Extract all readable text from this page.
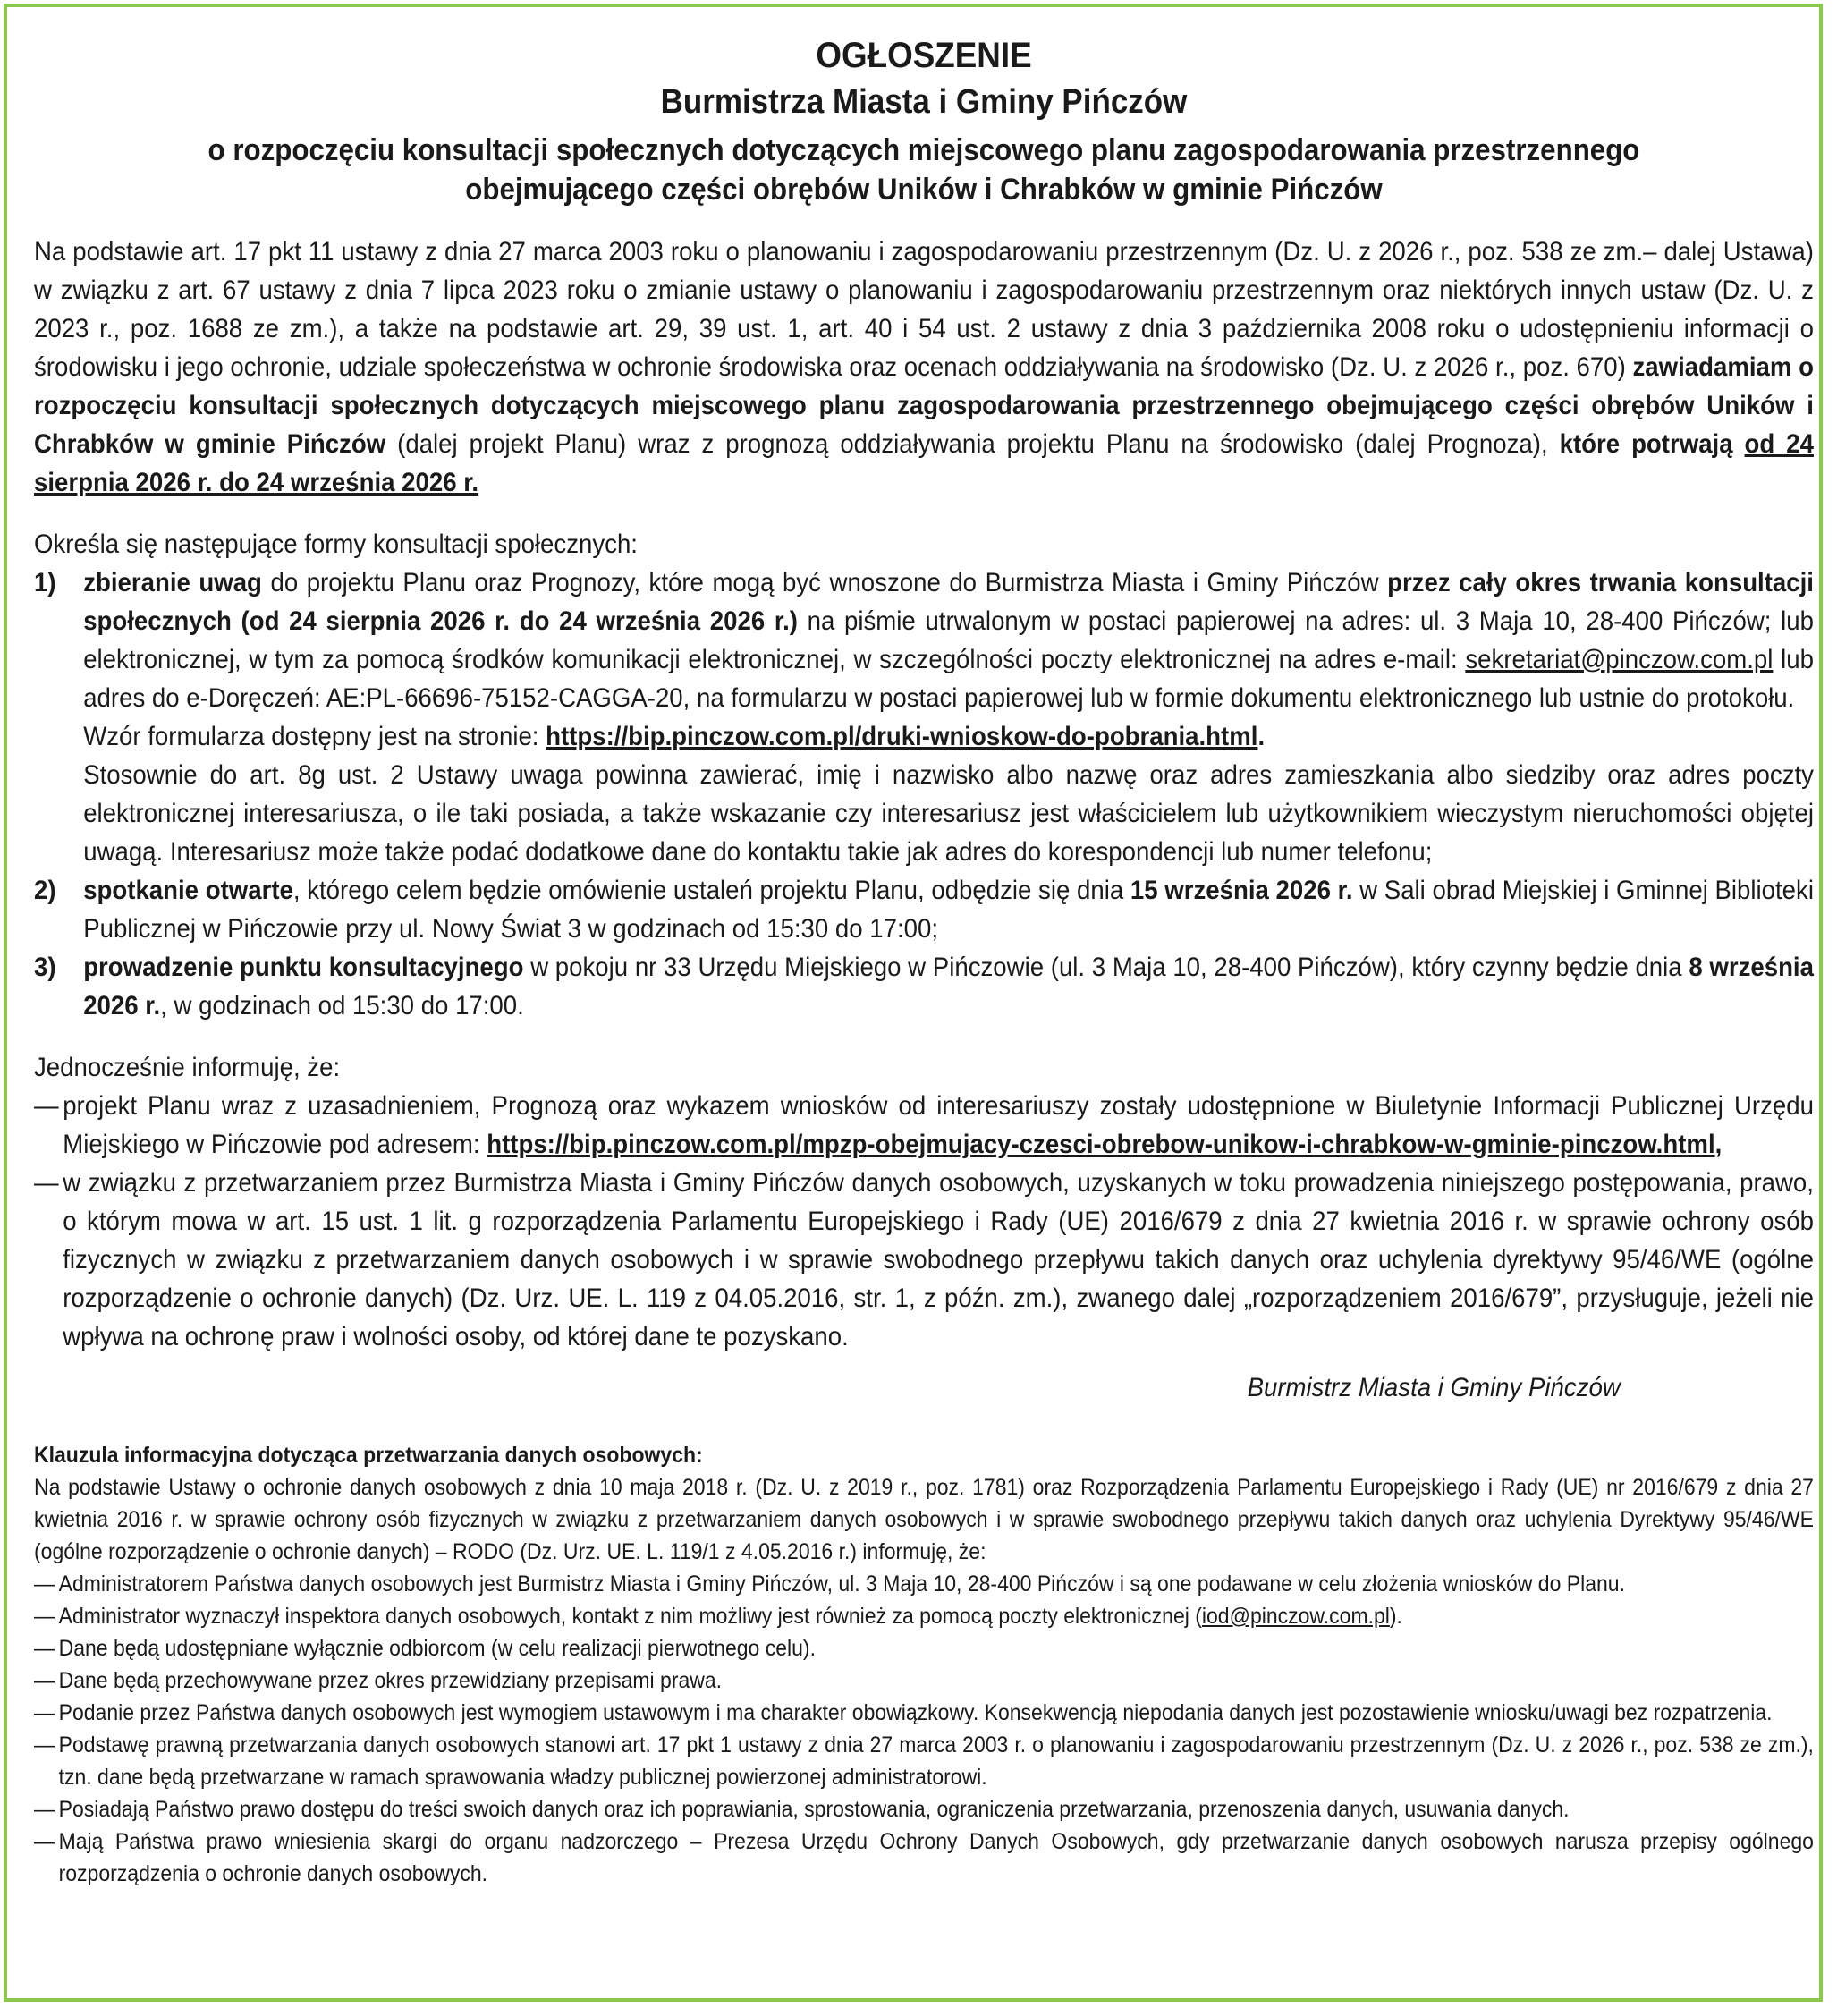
OGŁOSZENIE
Burmistrza Miasta i Gminy Pińczów
o rozpoczęciu konsultacji społecznych dotyczących miejscowego planu zagospodarowania przestrzennego
obejmującego części obrębów Uników i Chrabków w gminie Pińczów

Na podstawie art. 17 pkt 11 ustawy z dnia 27 marca 2003 roku o planowaniu i zagospodarowaniu przestrzennym (Dz. U. z 2026 r., poz. 538 ze zm.– dalej Ustawa) w związku z art. 67 ustawy z dnia 7 lipca 2023 roku o zmianie ustawy o planowaniu i zagospodarowaniu przestrzennym oraz niektórych innych ustaw (Dz. U. z 2023 r., poz. 1688 ze zm.), a także na podstawie art. 29, 39 ust. 1, art. 40 i 54 ust. 2 ustawy z dnia 3 października 2008 roku o udostępnieniu informacji o środowisku i jego ochronie, udziale społeczeństwa w ochronie środowiska oraz ocenach oddziaływania na środowisko (Dz. U. z 2026 r., poz. 670) zawiadamiam o rozpoczęciu konsultacji społecznych dotyczących miejscowego planu zagospodarowania przestrzennego obejmującego części obrębów Uników i Chrabków w gminie Pińczów (dalej projekt Planu) wraz z prognozą oddziaływania projektu Planu na środowisko (dalej Prognoza), które potrwają od 24 sierpnia 2026 r. do 24 września 2026 r.

Określa się następujące formy konsultacji społecznych:

1)	zbieranie uwag do projektu Planu oraz Prognozy, które mogą być wnoszone do Burmistrza Miasta i Gminy Pińczów przez cały okres trwania konsultacji społecznych (od 24 sierpnia 2026 r. do 24 września 2026 r.) na piśmie utrwalonym w postaci papierowej na adres: ul. 3 Maja 10, 28-400 Pińczów; lub elektronicznej, w tym za pomocą środków komunikacji elektronicznej, w szczególności poczty elektronicznej na adres e-mail: sekretariat@pinczow.com.pl lub adres do e-Doręczeń: AE:PL-66696-75152-CAGGA-20, na formularzu w postaci papierowej lub w formie dokumentu elektronicznego lub ustnie do protokołu.
Wzór formularza dostępny jest na stronie: https://bip.pinczow.com.pl/druki-wnioskow-do-pobrania.html.
Stosownie do art. 8g ust. 2 Ustawy uwaga powinna zawierać, imię i nazwisko albo nazwę oraz adres zamieszkania albo siedziby oraz adres poczty elektronicznej interesariusza, o ile taki posiada, a także wskazanie czy interesariusz jest właścicielem lub użytkownikiem wieczystym nieruchomości objętej uwagą. Interesariusz może także podać dodatkowe dane do kontaktu takie jak adres do korespondencji lub numer telefonu;
2)	spotkanie otwarte, którego celem będzie omówienie ustaleń projektu Planu, odbędzie się dnia 15 września 2026 r. w Sali obrad Miejskiej i Gminnej Biblioteki Publicznej w Pińczowie przy ul. Nowy Świat 3 w godzinach od 15:30 do 17:00;
3)	prowadzenie punktu konsultacyjnego w pokoju nr 33 Urzędu Miejskiego w Pińczowie (ul. 3 Maja 10, 28-400 Pińczów), który czynny będzie dnia 8 września 2026 r., w godzinach od 15:30 do 17:00.

Jednocześnie informuję, że:

— projekt Planu wraz z uzasadnieniem, Prognozą oraz wykazem wniosków od interesariuszy zostały udostępnione w Biuletynie Informacji Publicznej Urzędu Miejskiego w Pińczowie pod adresem: https://bip.pinczow.com.pl/mpzp-obejmujacy-czesci-obrebow-unikow-i-chrabkow-w-gminie-pinczow.html,
— w związku z przetwarzaniem przez Burmistrza Miasta i Gminy Pińczów danych osobowych, uzyskanych w toku prowadzenia niniejszego postępowania, prawo, o którym mowa w art. 15 ust. 1 lit. g rozporządzenia Parlamentu Europejskiego i Rady (UE) 2016/679 z dnia 27 kwietnia 2016 r. w sprawie ochrony osób fizycznych w związku z przetwarzaniem danych osobowych i w sprawie swobodnego przepływu takich danych oraz uchylenia dyrektywy 95/46/WE (ogólne rozporządzenie o ochronie danych) (Dz. Urz. UE. L. 119 z 04.05.2016, str. 1, z późn. zm.), zwanego dalej „rozporządzeniem 2016/679”, przysługuje, jeżeli nie wpływa na ochronę praw i wolności osoby, od której dane te pozyskano.
Burmistrz Miasta i Gminy Pińczów
Klauzula informacyjna dotycząca przetwarzania danych osobowych:

Na podstawie Ustawy o ochronie danych osobowych z dnia 10 maja 2018 r. (Dz. U. z 2019 r., poz. 1781) oraz Rozporządzenia Parlamentu Europejskiego i Rady (UE) nr 2016/679 z dnia 27 kwietnia 2016 r. w sprawie ochrony osób fizycznych w związku z przetwarzaniem danych osobowych i w sprawie swobodnego przepływu takich danych oraz uchylenia Dyrektywy 95/46/WE (ogólne rozporządzenie o ochronie danych) – RODO (Dz. Urz. UE. L. 119/1 z 4.05.2016 r.) informuję, że:

— Administratorem Państwa danych osobowych jest Burmistrz Miasta i Gminy Pińczów, ul. 3 Maja 10, 28-400 Pińczów i są one podawane w celu złożenia wniosków do Planu.
— Administrator wyznaczył inspektora danych osobowych, kontakt z nim możliwy jest również za pomocą poczty elektronicznej (iod@pinczow.com.pl).
— Dane będą udostępniane wyłącznie odbiorcom (w celu realizacji pierwotnego celu).
— Dane będą przechowywane przez okres przewidziany przepisami prawa.
— Podanie przez Państwa danych osobowych jest wymogiem ustawowym i ma charakter obowiązkowy. Konsekwencją niepodania danych jest pozostawienie wniosku/uwagi bez rozpatrzenia.
— Podstawę prawną przetwarzania danych osobowych stanowi art. 17 pkt 1 ustawy z dnia 27 marca 2003 r. o planowaniu i zagospodarowaniu przestrzennym (Dz. U. z 2026 r., poz. 538 ze zm.), tzn. dane będą przetwarzane w ramach sprawowania władzy publicznej powierzonej administratorowi.
— Posiadają Państwo prawo dostępu do treści swoich danych oraz ich poprawiania, sprostowania, ograniczenia przetwarzania, przenoszenia danych, usuwania danych.
— Mają Państwa prawo wniesienia skargi do organu nadzorczego – Prezesa Urzędu Ochrony Danych Osobowych, gdy przetwarzanie danych osobowych narusza przepisy ogólnego rozporządzenia o ochronie danych osobowych.
